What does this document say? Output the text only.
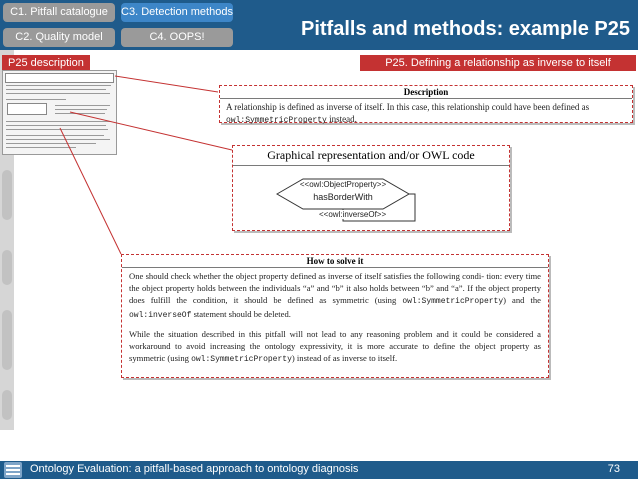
C1. Pitfall catalogue	C3. Detection methods
C2. Quality model	C4. OOPS!	Pitfalls and methods: example P25
P25 description	P25. Defining a relationship as inverse to itself
Description
A relationship is defined as inverse of itself. In this case, this relationship could have been defined as
owl:SymmetricProperty instead.
Graphical representation and/or OWL code
<<owl:ObjectProperty>>
hasBorderWith
<<owl:inverseOf>>
How to solve it

One should check whether the object property defined as inverse of itself satisfies the following condi- tion: every time the object property holds between the individuals “a” and “b” it also holds between “b” and “a”. If the object property does fulfill the condition, it should be defined as symmetric (using owl:SymmetricProperty) and the owl:inverseOf statement should be deleted.

While the situation described in this pitfall will not lead to any reasoning problem and it could be considered a workaround to avoid increasing the ontology expressivity, it is more accurate to define the object property as symmetric (using owl:SymmetricProperty) instead of as inverse to itself.

Ontology Evaluation: a pitfall-based approach to ontology diagnosis	73
